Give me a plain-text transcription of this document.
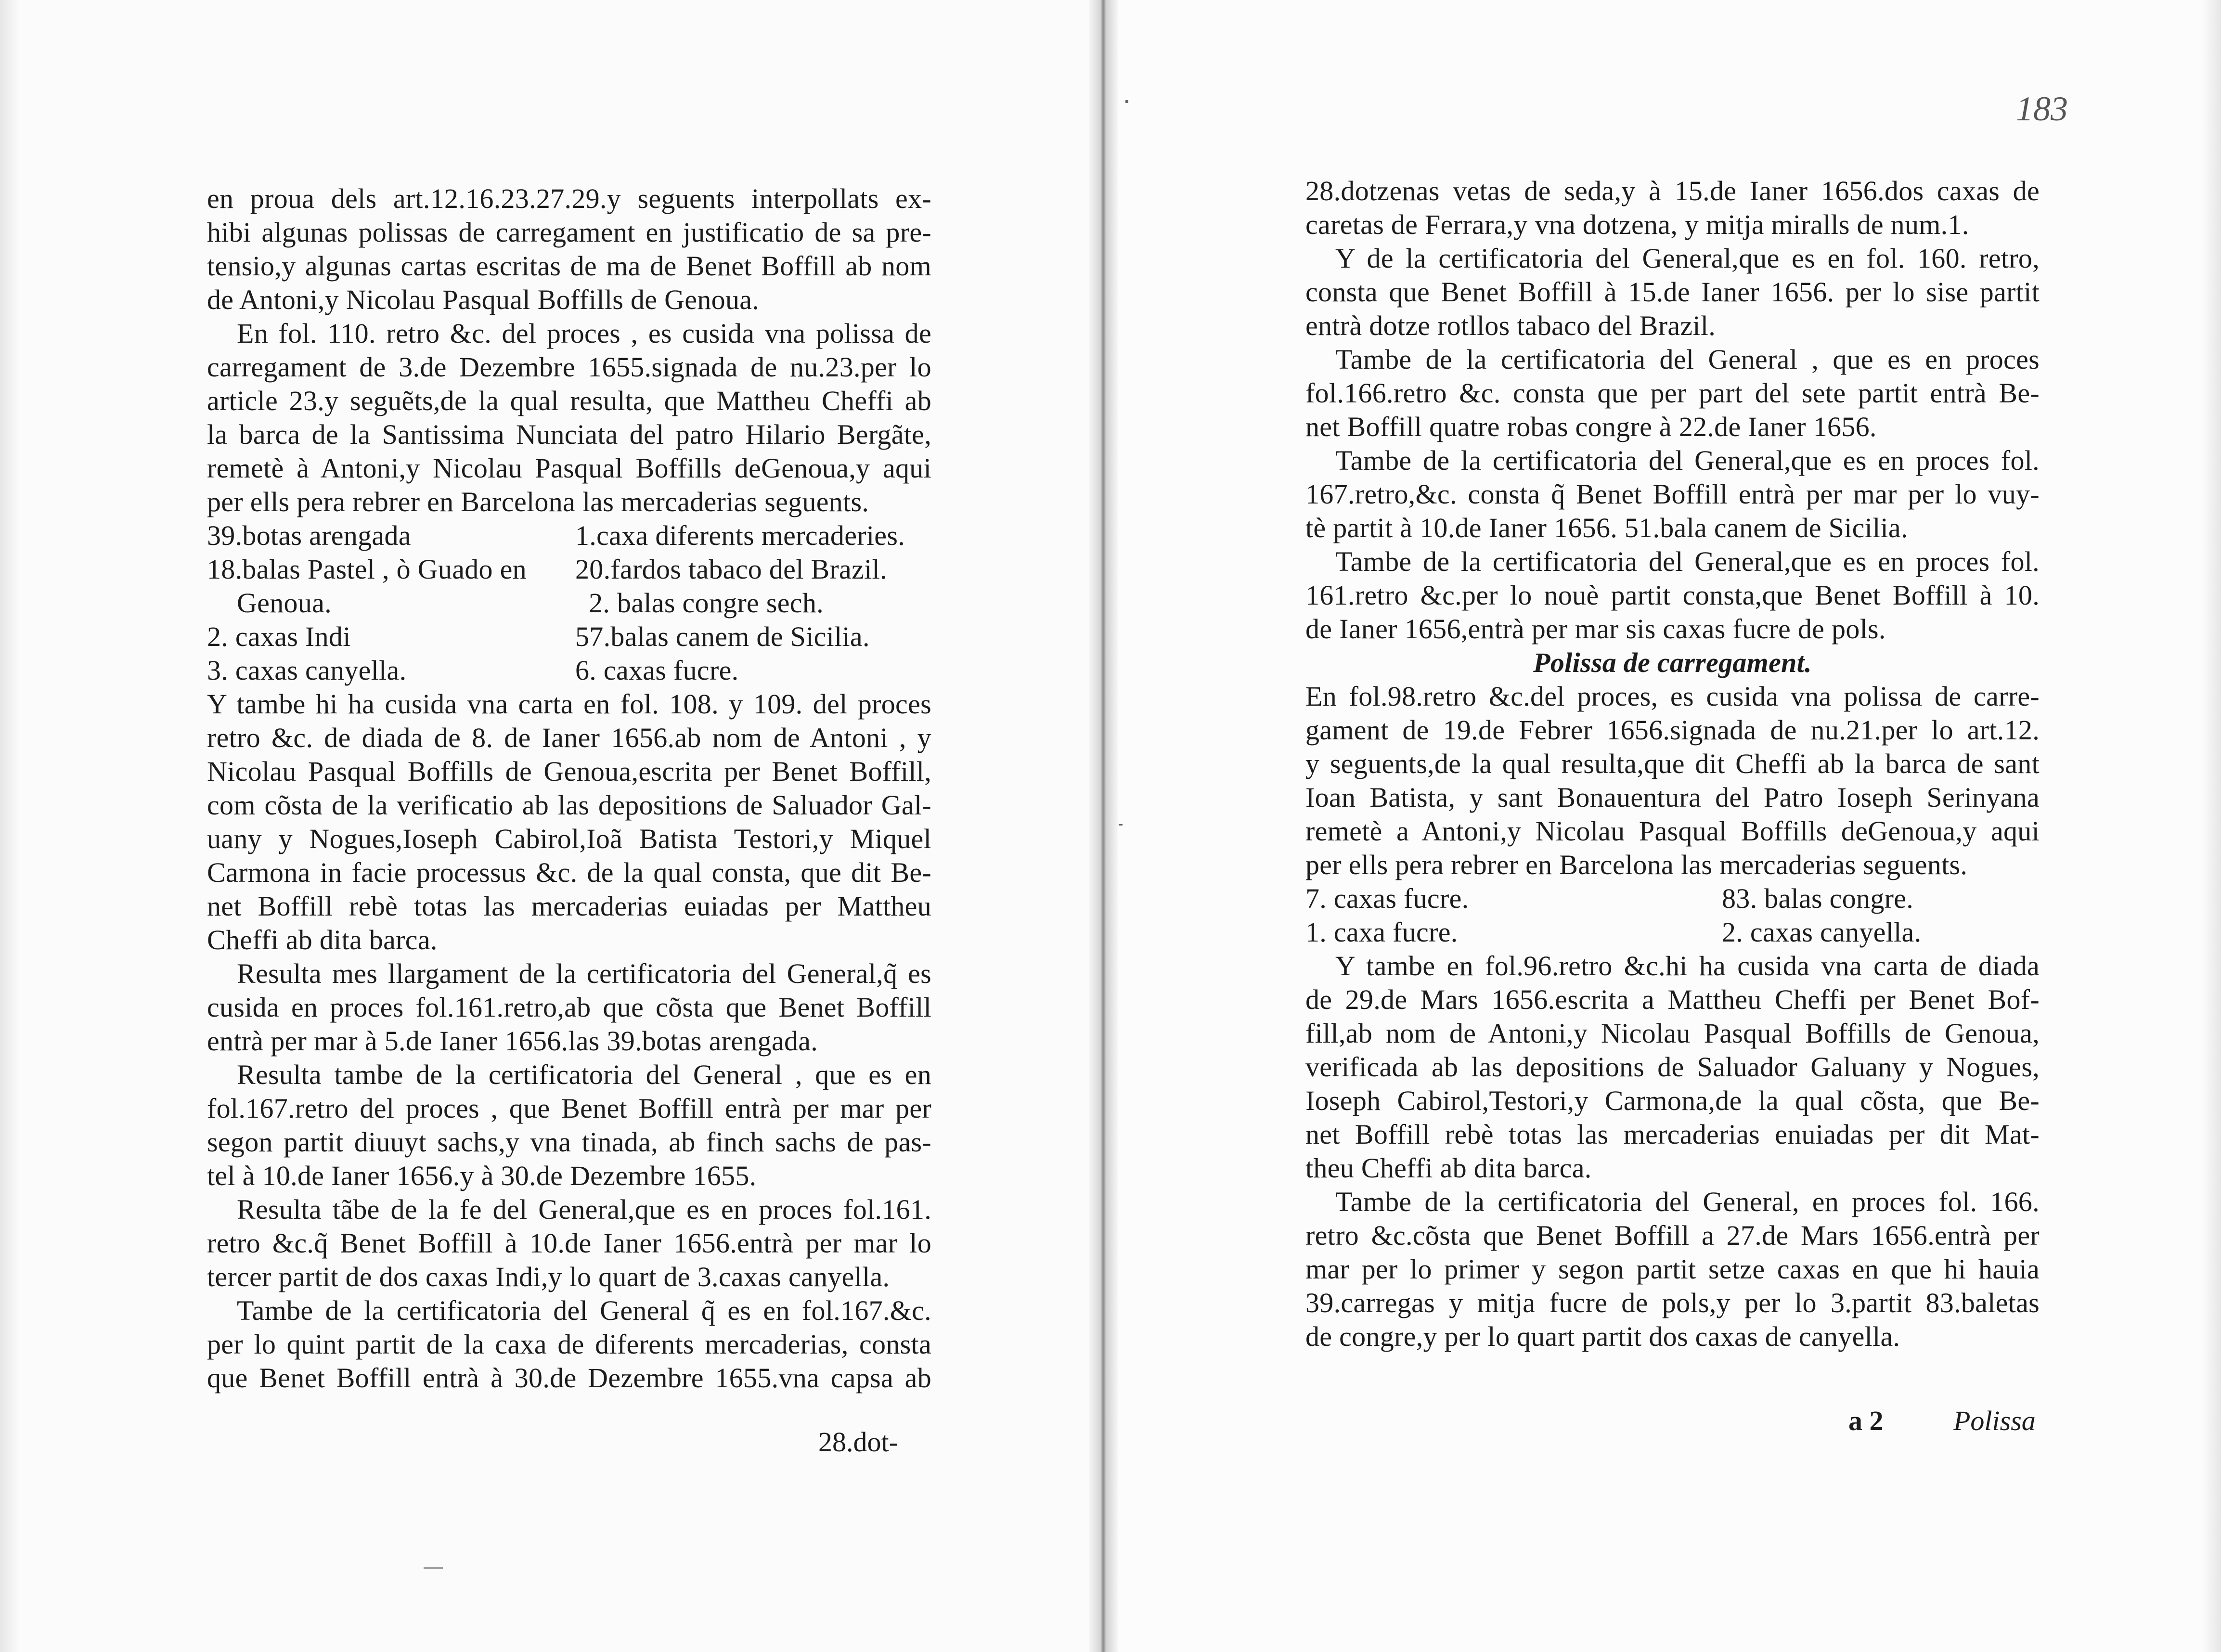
en proua dels art.12.16.23.27.29.y seguents interpollats ex-
hibi algunas polissas de carregament en justificatio de sa pre-
tensio,y algunas cartas escritas de ma de Benet Boffill ab nom
de Antoni,y Nicolau Pasqual Boffills de Genoua.
En fol. 110. retro &c. del proces , es cusida vna polissa de
carregament de 3.de Dezembre 1655.signada de nu.23.per lo
article 23.y seguẽts,de la qual resulta, que Mattheu Cheffi ab
la barca de la Santissima Nunciata del patro Hilario Bergãte,
remetè à Antoni,y Nicolau Pasqual Boffills deGenoua,y aqui
per ells pera rebrer en Barcelona las mercaderias seguents.
39.botas arengada	1.caxa diferents mercaderies.
18.balas Pastel , ò Guado en	20.fardos tabaco del Brazil.
Genoua.	2. balas congre sech.
2. caxas Indi	57.balas canem de Sicilia.
3. caxas canyella.	6. caxas fucre.
Y tambe hi ha cusida vna carta en fol. 108. y 109. del proces
retro &c. de diada de 8. de Ianer 1656.ab nom de Antoni , y
Nicolau Pasqual Boffills de Genoua,escrita per Benet Boffill,
com cõsta de la verificatio ab las depositions de Saluador Gal-
uany y Nogues,Ioseph Cabirol,Ioã Batista Testori,y Miquel
Carmona in facie processus &c. de la qual consta, que dit Be-
net Boffill rebè totas las mercaderias euiadas per Mattheu
Cheffi ab dita barca.
Resulta mes llargament de la certificatoria del General,q̃ es
cusida en proces fol.161.retro,ab que cõsta que Benet Boffill
entrà per mar à 5.de Ianer 1656.las 39.botas arengada.
Resulta tambe de la certificatoria del General , que es en
fol.167.retro del proces , que Benet Boffill entrà per mar per
segon partit diuuyt sachs,y vna tinada, ab finch sachs de pas-
tel à 10.de Ianer 1656.y à 30.de Dezembre 1655.
Resulta tãbe de la fe del General,que es en proces fol.161.
retro &c.q̃ Benet Boffill à 10.de Ianer 1656.entrà per mar lo
tercer partit de dos caxas Indi,y lo quart de 3.caxas canyella.
Tambe de la certificatoria del General q̃ es en fol.167.&c.
per lo quint partit de la caxa de diferents mercaderias, consta
que Benet Boffill entrà à 30.de Dezembre 1655.vna capsa ab
28.dot-
183
28.dotzenas vetas de seda,y à 15.de Ianer 1656.dos caxas de
caretas de Ferrara,y vna dotzena, y mitja miralls de num.1.
Y de la certificatoria del General,que es en fol. 160. retro,
consta que Benet Boffill à 15.de Ianer 1656. per lo sise partit
entrà dotze rotllos tabaco del Brazil.
Tambe de la certificatoria del General , que es en proces
fol.166.retro &c. consta que per part del sete partit entrà Be-
net Boffill quatre robas congre à 22.de Ianer 1656.
Tambe de la certificatoria del General,que es en proces fol.
167.retro,&c. consta q̃ Benet Boffill entrà per mar per lo vuy-
tè partit à 10.de Ianer 1656. 51.bala canem de Sicilia.
Tambe de la certificatoria del General,que es en proces fol.
161.retro &c.per lo nouè partit consta,que Benet Boffill à 10.
de Ianer 1656,entrà per mar sis caxas fucre de pols.
Polissa de carregament.
En fol.98.retro &c.del proces, es cusida vna polissa de carre-
gament de 19.de Febrer 1656.signada de nu.21.per lo art.12.
y seguents,de la qual resulta,que dit Cheffi ab la barca de sant
Ioan Batista, y sant Bonauentura del Patro Ioseph Serinyana
remetè a Antoni,y Nicolau Pasqual Boffills deGenoua,y aqui
per ells pera rebrer en Barcelona las mercaderias seguents.
7. caxas fucre.	83. balas congre.
1. caxa fucre.	2. caxas canyella.
Y tambe en fol.96.retro &c.hi ha cusida vna carta de diada
de 29.de Mars 1656.escrita a Mattheu Cheffi per Benet Bof-
fill,ab nom de Antoni,y Nicolau Pasqual Boffills de Genoua,
verificada ab las depositions de Saluador Galuany y Nogues,
Ioseph Cabirol,Testori,y Carmona,de la qual cõsta, que Be-
net Boffill rebè totas las mercaderias enuiadas per dit Mat-
theu Cheffi ab dita barca.
Tambe de la certificatoria del General, en proces fol. 166.
retro &c.cõsta que Benet Boffill a 27.de Mars 1656.entrà per
mar per lo primer y segon partit setze caxas en que hi hauia
39.carregas y mitja fucre de pols,y per lo 3.partit 83.baletas
de congre,y per lo quart partit dos caxas de canyella.
a 2	Polissa
